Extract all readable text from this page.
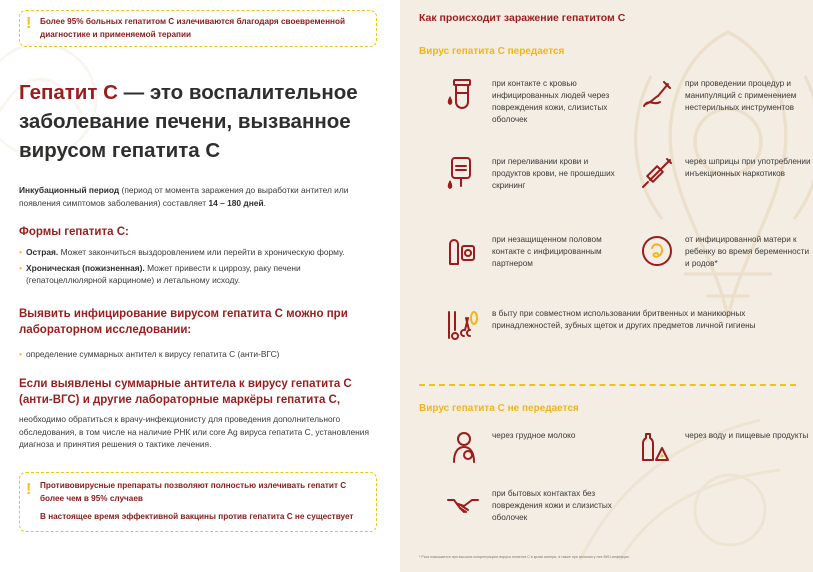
! Более 95% больных гепатитом С излечиваются благодаря своевременной диагностике и применяемой терапии

Гепатит С — это воспалительное заболевание печени, вызванное вирусом гепатита С
Инкубационный период (период от момента заражения до выработки антител или появления симптомов заболевания) составляет 14 – 180 дней.
Формы гепатита С:
• Острая. Может закончиться выздоровлением или перейти в хроническую форму.
• Хроническая (пожизненная). Может привести к циррозу, раку печени (гепатоцеллюлярной карциноме) и летальному исходу.
Выявить инфицирование вирусом гепатита С можно при лабораторном исследовании:
• определение суммарных антител к вирусу гепатита С (анти-ВГС)
Если выявлены суммарные антитела к вирусу гепатита С (анти-ВГС) и другие лабораторные маркёры гепатита С,
необходимо обратиться к врачу-инфекционисту для проведения дополнительного обследования, в том числе на наличие РНК или core Ag вируса гепатита С, установления диагноза и принятия решения о тактике лечения.
! Противовирусные препараты позволяют полностью излечивать гепатит С более чем в 95% случаев

В настоящее время эффективной вакцины против гепатита С не существует

Как происходит заражение гепатитом С
Вирус гепатита С передается
при контакте с кровью инфицированных людей через повреждения кожи, слизистых оболочек
при проведении процедур и манипуляций с применением нестерильных инструментов
при переливании крови и продуктов крови, не прошедших скрининг
через шприцы при употреблении инъекционных наркотиков
при незащищенном половом контакте с инфицированным партнером
от инфицированной матери к ребенку во время беременности и родов*
в быту при совместном использовании бритвенных и маникюрных принадлежностей, зубных щеток и других предметов личной гигиены
Вирус гепатита С не передается
через грудное молоко	через воду и пищевые продукты
при бытовых контактах без повреждения кожи и слизистых оболочек
* Риск повышается при высоких концентрациях вируса гепатита С в крови матери, а также при наличии у нее ВИЧ-инфекции.
